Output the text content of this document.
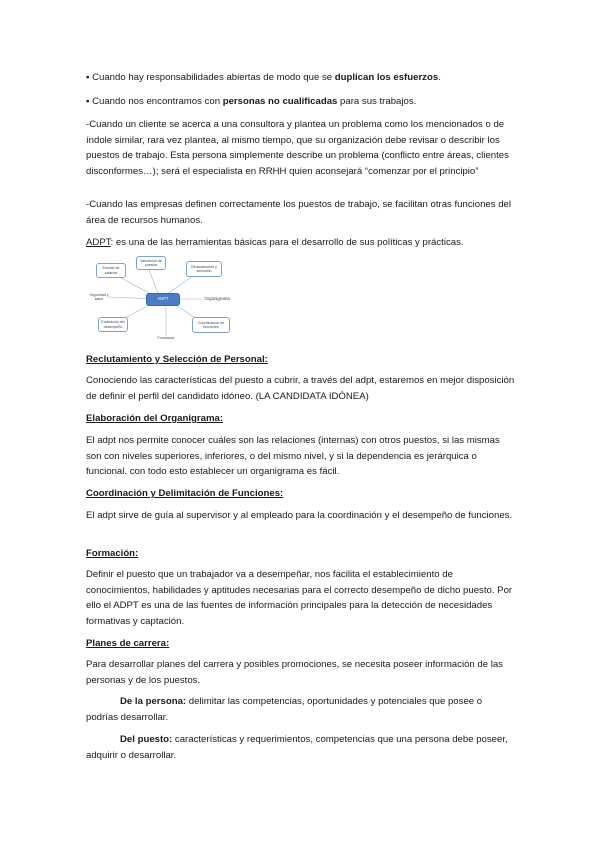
▪ Cuando hay responsabilidades abiertas de modo que se duplican los esfuerzos.

▪ Cuando nos encontramos con personas no cualificadas para sus trabajos.

-Cuando un cliente se acerca a una consultora y plantea un problema como los mencionados o de índole similar, rara vez plantea, al mismo tiempo, que su organización debe revisar o describir los puestos de trabajo. Esta persona simplemente describe un problema (conflicto entre áreas, clientes disconformes…); será el especialista en RRHH quien aconsejará “comenzar por el principio”

-Cuando las empresas definen correctamente los puestos de trabajo, se facilitan otras funciones del área de recursos humanos.

ADPT: es una de las herramientas básicas para el desarrollo de sus políticas y prácticas.

Valoración de puestos
Estudio de salarios
Reclutamiento y selección
Seguridad y salud	ADPT	Organigrama
Evaluación del desempeño
Coordinación de funciones
Formación

Reclutamiento y Selección de Personal:

Conociendo las características del puesto a cubrir, a través del adpt, estaremos en mejor disposición de definir el perfil del candidato idóneo. (LA CANDIDATA IDÓNEA)

Elaboración del Organigrama:

El adpt nos permite conocer cuáles son las relaciones (internas) con otros puestos, si las mismas son con niveles superiores, inferiores, o del mismo nivel, y si la dependencia es jerárquica o funcional. con todo esto establecer un organigrama es fácil.

Coordinación y Delimitación de Funciones:

El adpt sirve de guía al supervisor y al empleado para la coordinación y el desempeño de funciones.

Formación:

Definir el puesto que un trabajador va a desempeñar, nos facilita el establecimiento de conocimientos, habilidades y aptitudes necesarias para el correcto desempeño de dicho puesto. Por ello el ADPT es una de las fuentes de información principales para la detección de necesidades formativas y captación.

Planes de carrera:

Para desarrollar planes del carrera y posibles promociones, se necesita poseer información de las personas y de los puestos.

De la persona: delimitar las competencias, oportunidades y potenciales que posee o podrías desarrollar.

Del puesto: características y requerimientos, competencias que una persona debe poseer, adquirir o desarrollar.
